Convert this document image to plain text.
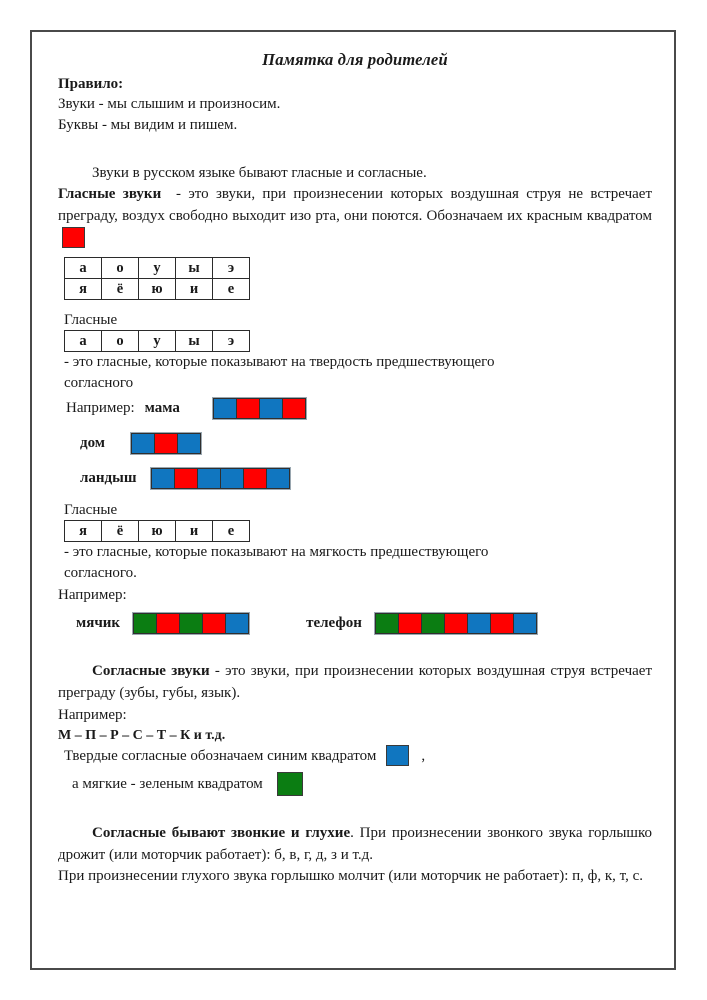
Памятка для родителей
Правило:

Звуки - мы слышим и произносим.

Буквы - мы видим и пишем.

Звуки в русском языке бывают гласные и согласные.

Гласные звуки - это звуки, при произнесении которых воздушная струя не встречает преграду, воздух свободно выходит изо рта, они поются. Обозначаем их красным квадратом

а	о	у	ы	э
я	ё	ю	и	е
Гласные
а	о	у	ы	э
- это гласные, которые показывают на твердость предшествующего
согласного
Например: мама
дом
ландыш
Гласные
я	ё	ю	и	е
- это гласные, которые показывают на мягкость предшествующего
согласного.
Например:
мячик	телефон

Согласные звуки - это звуки, при произнесении которых воздушная струя встречает преграду (зубы, губы, язык).

Например:
М – П – Р – С – Т – К и т.д.
Твердые согласные обозначаем синим квадратом	,
а мягкие - зеленым квадратом

Согласные бывают звонкие и глухие. При произнесении звонкого звука горлышко дрожит (или моторчик работает): б, в, г, д, з и т.д.

При произнесении глухого звука горлышко молчит (или моторчик не работает): п, ф, к, т, с.
